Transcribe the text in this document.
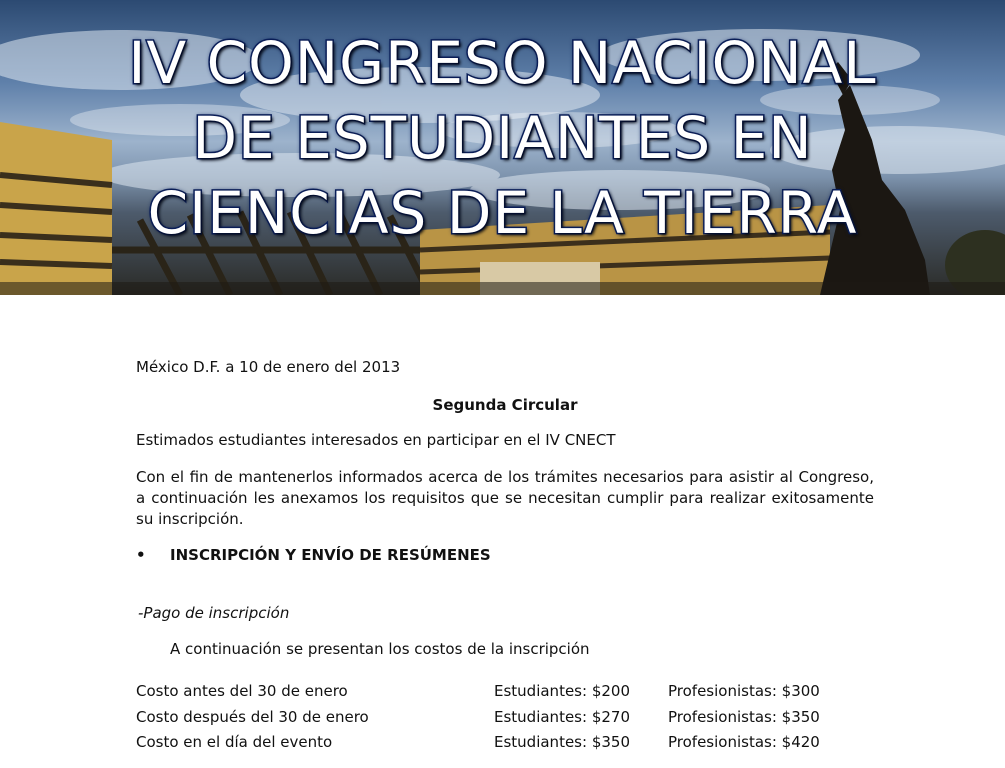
IV CONGRESO NACIONAL
DE ESTUDIANTES EN
CIENCIAS DE LA TIERRA

México D.F. a 10 de enero del 2013

Segunda Circular

Estimados estudiantes interesados en participar en el IV CNECT

Con el fin de mantenerlos informados acerca de los trámites necesarios para asistir al Congreso, a continuación les anexamos los requisitos que se necesitan cumplir para realizar exitosamente su inscripción.

• INSCRIPCIÓN Y ENVÍO DE RESÚMENES

-Pago de inscripción

A continuación se presentan los costos de la inscripción

Costo antes del 30 de enero	Estudiantes: $200	Profesionistas: $300
Costo después del 30 de enero	Estudiantes: $270	Profesionistas: $350
Costo en el día del evento	Estudiantes: $350	Profesionistas: $420
